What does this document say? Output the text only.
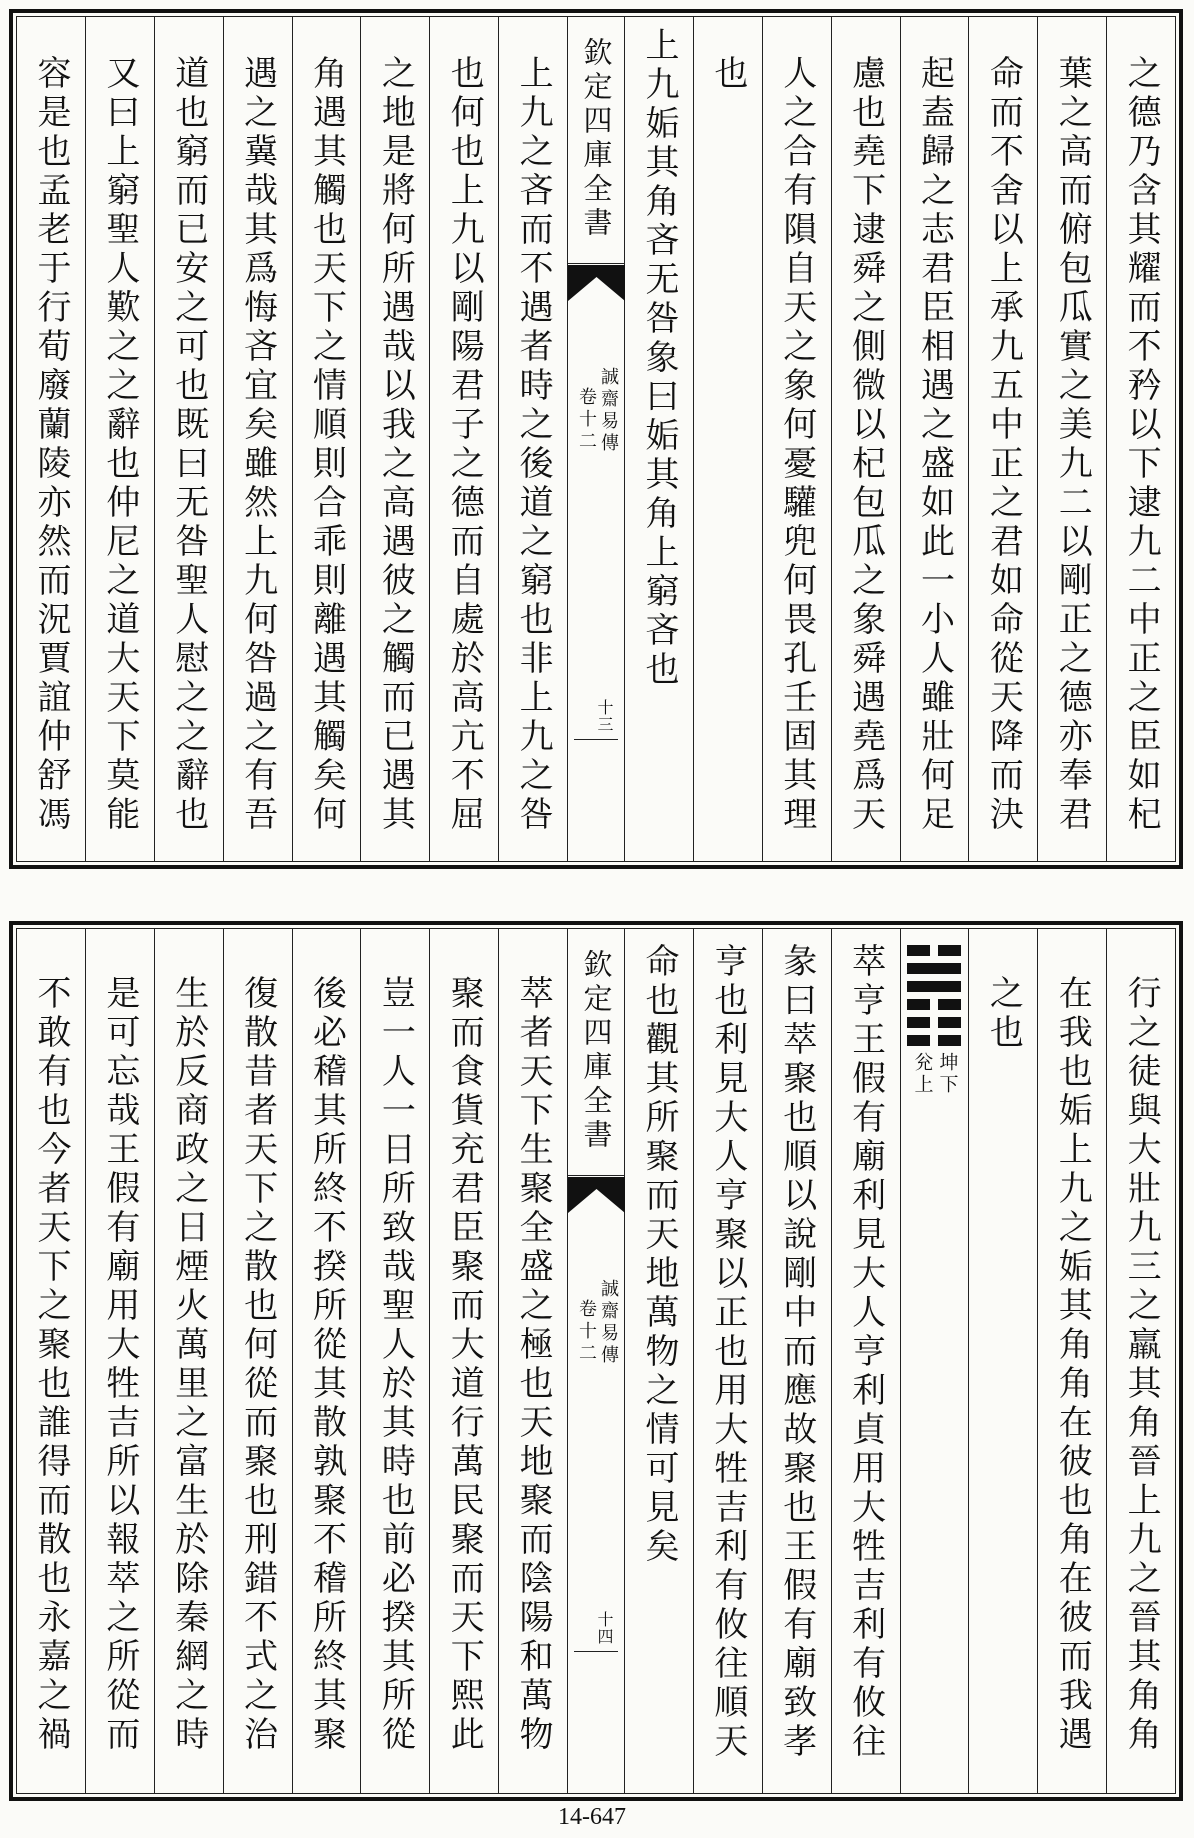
之德乃含其耀而不矜以下逮九二中正之臣如杞
葉之高而俯包瓜實之美九二以剛正之德亦奉君
命而不舍以上承九五中正之君如命從天降而決
起盍歸之志君臣相遇之盛如此一小人雖壯何足
慮也堯下逮舜之側微以杞包瓜之象舜遇堯爲天
人之合有隕自天之象何憂驩兜何畏孔壬固其理
也
上九姤其角吝无咎象曰姤其角上窮吝也
欽定四庫全書
誠齋易傳
卷十二
十三
上九之吝而不遇者時之後道之窮也非上九之咎
也何也上九以剛陽君子之德而自處於高亢不屈
之地是將何所遇哉以我之高遇彼之觸而已遇其
角遇其觸也天下之情順則合乖則離遇其觸矣何
遇之冀哉其爲悔吝宜矣雖然上九何咎過之有吾
道也窮而已安之可也既曰无咎聖人慰之之辭也
又曰上窮聖人歎之之辭也仲尼之道大天下莫能
容是也孟老于行荀廢蘭陵亦然而況賈誼仲舒馮
行之徒與大壯九三之羸其角晉上九之晉其角角
在我也姤上九之姤其角角在彼也角在彼而我遇
之也
坤下
兊上
萃亨王假有廟利見大人亨利貞用大牲吉利有攸往
彖曰萃聚也順以說剛中而應故聚也王假有廟致孝
亨也利見大人亨聚以正也用大牲吉利有攸往順天
命也觀其所聚而天地萬物之情可見矣
欽定四庫全書
誠齋易傳
卷十二
十四
萃者天下生聚全盛之極也天地聚而陰陽和萬物
聚而食貨充君臣聚而大道行萬民聚而天下熙此
豈一人一日所致哉聖人於其時也前必揆其所從
後必稽其所終不揆所從其散孰聚不稽所終其聚
復散昔者天下之散也何從而聚也刑錯不式之治
生於反商政之日煙火萬里之富生於除秦網之時
是可忘哉王假有廟用大牲吉所以報萃之所從而
不敢有也今者天下之聚也誰得而散也永嘉之禍
14-647
